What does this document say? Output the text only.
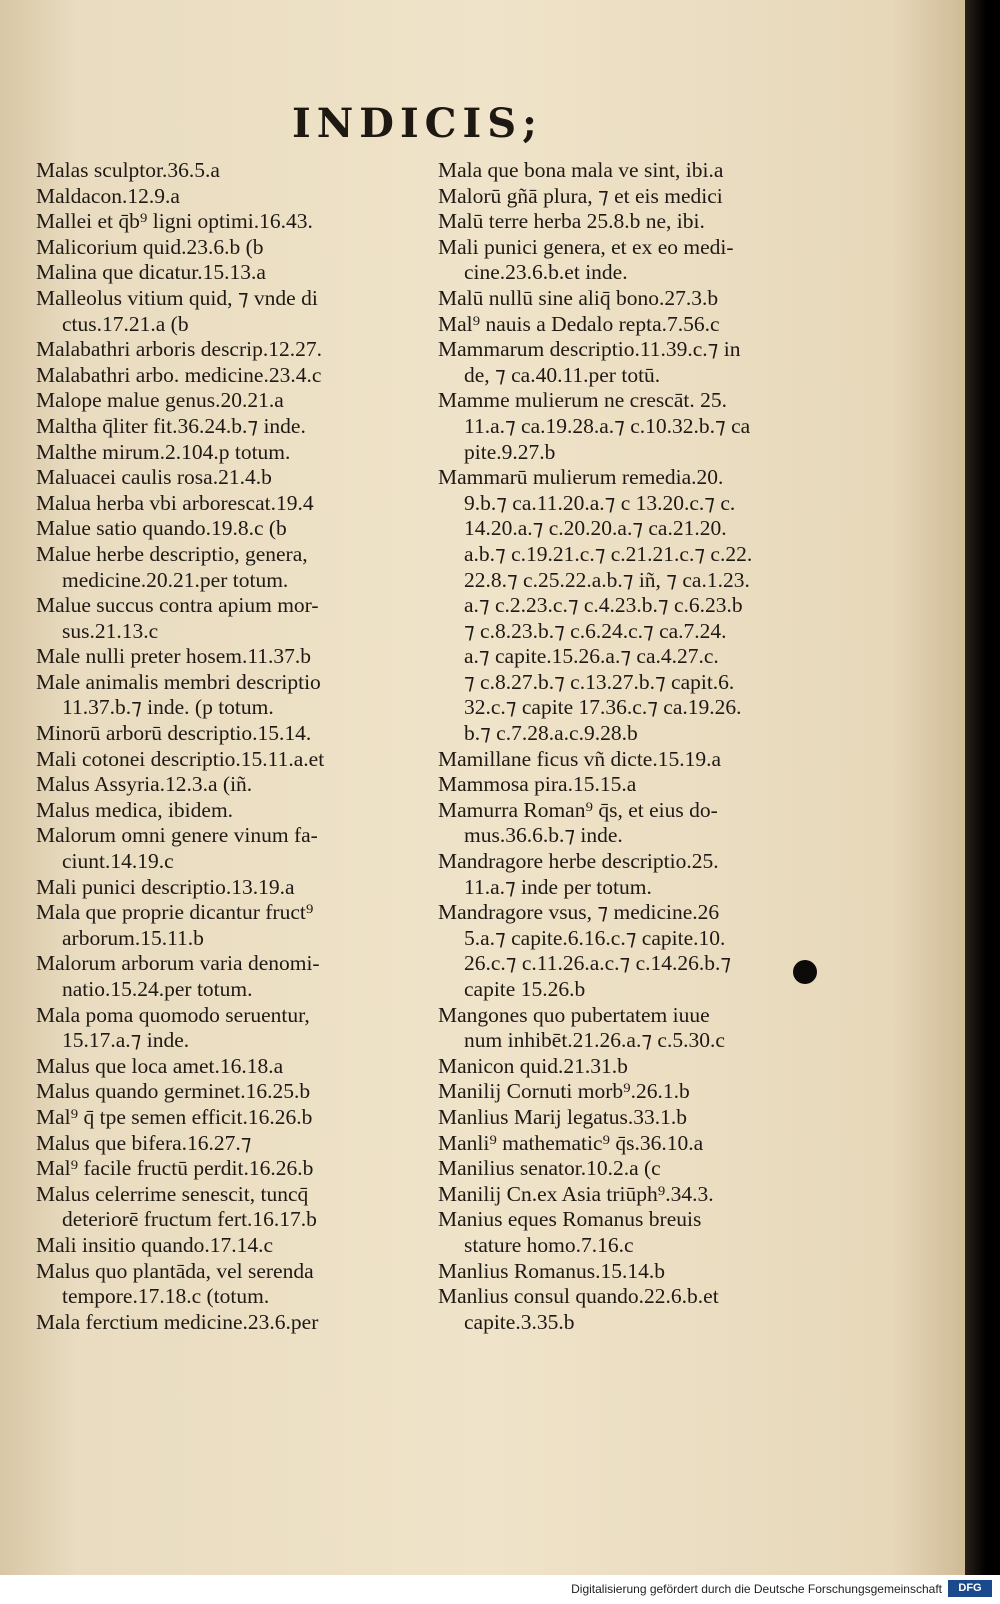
INDICIS;
Malas sculptor.36.5.a
Maldacon.12.9.a
Mallei et q̄b⁹ ligni optimi.16.43.
Malicorium quid.23.6.b (b
Malina que dicatur.15.13.a
Malleolus vitium quid, ⁊ vnde di
ctus.17.21.a (b
Malabathri arboris descrip.12.27.
Malabathri arbo. medicine.23.4.c
Malope malue genus.20.21.a
Maltha q̄liter fit.36.24.b.⁊ inde.
Malthe mirum.2.104.p totum.
Maluacei caulis rosa.21.4.b
Malua herba vbi arborescat.19.4
Malue satio quando.19.8.c (b
Malue herbe descriptio, genera,
medicine.20.21.per totum.
Malue succus contra apium mor-
sus.21.13.c
Male nulli preter hosem.11.37.b
Male animalis membri descriptio
11.37.b.⁊ inde. (p totum.
Minorū arborū descriptio.15.14.
Mali cotonei descriptio.15.11.a.et
Malus Assyria.12.3.a (iñ.
Malus medica, ibidem.
Malorum omni genere vinum fa-
ciunt.14.19.c
Mali punici descriptio.13.19.a
Mala que proprie dicantur fruct⁹
arborum.15.11.b
Malorum arborum varia denomi-
natio.15.24.per totum.
Mala poma quomodo seruentur,
15.17.a.⁊ inde.
Malus que loca amet.16.18.a
Malus quando germinet.16.25.b
Mal⁹ q̄ tpe semen efficit.16.26.b
Malus que bifera.16.27.⁊
Mal⁹ facile fructū perdit.16.26.b
Malus celerrime senescit, tuncq̄
deteriorē fructum fert.16.17.b
Mali insitio quando.17.14.c
Malus quo plantāda, vel serenda
tempore.17.18.c (totum.
Mala ferctium medicine.23.6.per
Mala que bona mala ve sint, ibi.a
Malorū gñā plura, ⁊ et eis medici
Malū terre herba 25.8.b ne, ibi.
Mali punici genera, et ex eo medi-
cine.23.6.b.et inde.
Malū nullū sine aliq̄ bono.27.3.b
Mal⁹ nauis a Dedalo repta.7.56.c
Mammarum descriptio.11.39.c.⁊ in
de, ⁊ ca.40.11.per totū.
Mamme mulierum ne crescāt. 25.
11.a.⁊ ca.19.28.a.⁊ c.10.32.b.⁊ ca
pite.9.27.b
Mammarū mulierum remedia.20.
9.b.⁊ ca.11.20.a.⁊ c 13.20.c.⁊ c.
14.20.a.⁊ c.20.20.a.⁊ ca.21.20.
a.b.⁊ c.19.21.c.⁊ c.21.21.c.⁊ c.22.
22.8.⁊ c.25.22.a.b.⁊ iñ, ⁊ ca.1.23.
a.⁊ c.2.23.c.⁊ c.4.23.b.⁊ c.6.23.b
⁊ c.8.23.b.⁊ c.6.24.c.⁊ ca.7.24.
a.⁊ capite.15.26.a.⁊ ca.4.27.c.
⁊ c.8.27.b.⁊ c.13.27.b.⁊ capit.6.
32.c.⁊ capite 17.36.c.⁊ ca.19.26.
b.⁊ c.7.28.a.c.9.28.b
Mamillane ficus vñ dicte.15.19.a
Mammosa pira.15.15.a
Mamurra Roman⁹ q̄s, et eius do-
mus.36.6.b.⁊ inde.
Mandragore herbe descriptio.25.
11.a.⁊ inde per totum.
Mandragore vsus, ⁊ medicine.26
5.a.⁊ capite.6.16.c.⁊ capite.10.
26.c.⁊ c.11.26.a.c.⁊ c.14.26.b.⁊
capite 15.26.b
Mangones quo pubertatem iuue
num inhibēt.21.26.a.⁊ c.5.30.c
Manicon quid.21.31.b
Manilij Cornuti morb⁹.26.1.b
Manlius Marij legatus.33.1.b
Manli⁹ mathematic⁹ q̄s.36.10.a
Manilius senator.10.2.a (c
Manilij Cn.ex Asia triūph⁹.34.3.
Manius eques Romanus breuis
stature homo.7.16.c
Manlius Romanus.15.14.b
Manlius consul quando.22.6.b.et
capite.3.35.b
Digitalisierung gefördert durch die Deutsche Forschungsgemeinschaft	DFG
